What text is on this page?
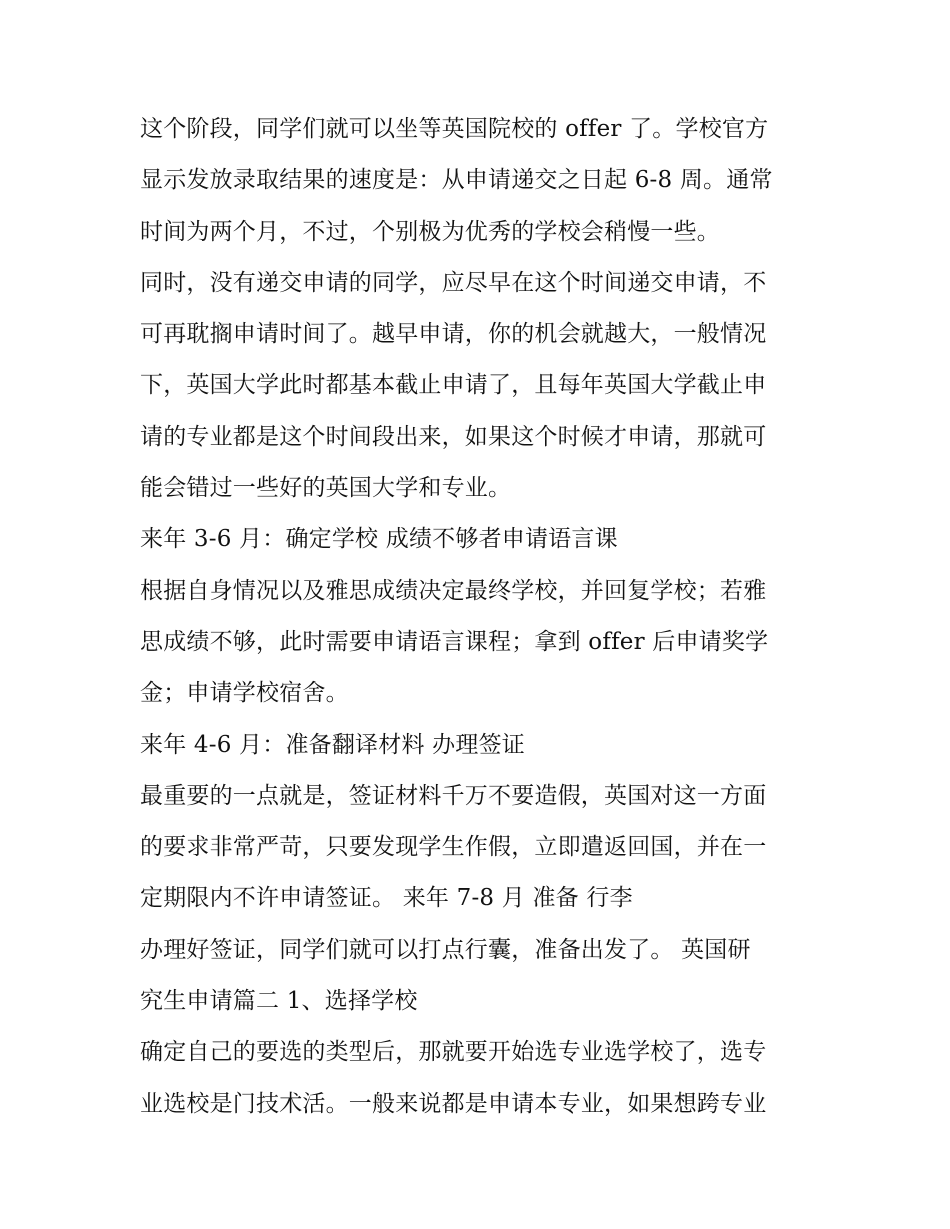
这个阶段，同学们就可以坐等英国院校的 offer 了。学校官方
显示发放录取结果的速度是：从申请递交之日起 6-8 周。通常
时间为两个月，不过，个别极为优秀的学校会稍慢一些。
同时，没有递交申请的同学，应尽早在这个时间递交申请，不
可再耽搁申请时间了。越早申请，你的机会就越大，一般情况
下，英国大学此时都基本截止申请了，且每年英国大学截止申
请的专业都是这个时间段出来，如果这个时候才申请，那就可
能会错过一些好的英国大学和专业。
来年 3-6 月：确定学校 成绩不够者申请语言课
根据自身情况以及雅思成绩决定最终学校，并回复学校；若雅
思成绩不够，此时需要申请语言课程；拿到 offer 后申请奖学
金；申请学校宿舍。
来年 4-6 月：准备翻译材料 办理签证
最重要的一点就是，签证材料千万不要造假，英国对这一方面
的要求非常严苛，只要发现学生作假，立即遣返回国，并在一
定期限内不许申请签证。 来年 7-8 月 准备 行李
办理好签证，同学们就可以打点行囊，准备出发了。 英国研
究生申请篇二 1、选择学校
确定自己的要选的类型后，那就要开始选专业选学校了，选专
业选校是门技术活。一般来说都是申请本专业，如果想跨专业
